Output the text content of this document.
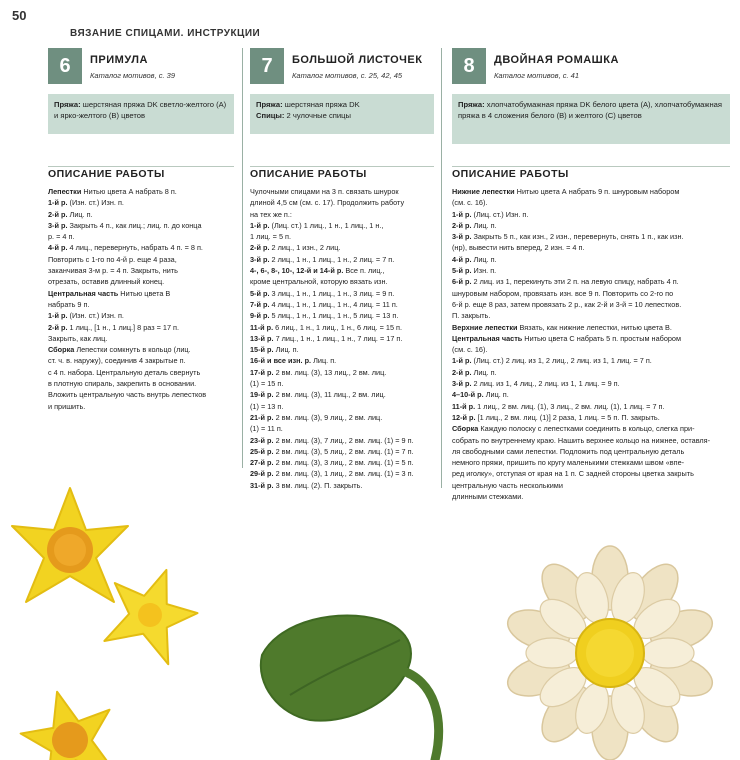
50
ВЯЗАНИЕ СПИЦАМИ. ИНСТРУКЦИИ
6	ПРИМУЛА
Каталог мотивов, с. 39
Пряжа: шерстяная пряжа DK светло-желтого (А) и ярко-желтого (В) цветов
ОПИСАНИЕ РАБОТЫ

Лепестки Нитью цвета А набрать 8 п.

1-й р. (Изн. ст.) Изн. п.

2-й р. Лиц. п.

3-й р. Закрыть 4 п., как лиц.; лиц. п. до конца

р. = 4 п.

4-й р. 4 лиц., перевернуть, набрать 4 п. = 8 п.

Повторить с 1-го по 4-й р. еще 4 раза,

заканчивая 3-м р. = 4 п. Закрыть, нить

отрезать, оставив длинный конец.

Центральная часть Нитью цвета В

набрать 9 п.

1-й р. (Изн. ст.) Изн. п.

2-й р. 1 лиц., [1 н., 1 лиц.] 8 раз = 17 п.

Закрыть, как лиц.

Сборка Лепестки сомкнуть в кольцо (лиц.

ст. ч. в. наружу), соединив 4 закрытые п.

с 4 п. набора. Центральную деталь свернуть

в плотную спираль, закрепить в основании.

Вложить центральную часть внутрь лепестков

и пришить.

7	БОЛЬШОЙ ЛИСТОЧЕК
Каталог мотивов, с. 25, 42, 45
Пряжа: шерстяная пряжа DK
Спицы: 2 чулочные спицы
ОПИСАНИЕ РАБОТЫ

Чулочными спицами на 3 п. связать шнурок

длиной 4,5 см (см. с. 17). Продолжить работу

на тех же п.:

1-й р. (Лиц. ст.) 1 лиц., 1 н., 1 лиц., 1 н.,

1 лиц. = 5 п.

2-й р. 2 лиц., 1 изн., 2 лиц.

3-й р. 2 лиц., 1 н., 1 лиц., 1 н., 2 лиц. = 7 п.

4-, 6-, 8-, 10-, 12-й и 14-й р. Все п. лиц.,

кроме центральной, которую вязать изн.

5-й р. 3 лиц., 1 н., 1 лиц., 1 н., 3 лиц. = 9 п.

7-й р. 4 лиц., 1 н., 1 лиц., 1 н., 4 лиц. = 11 п.

9-й р. 5 лиц., 1 н., 1 лиц., 1 н., 5 лиц. = 13 п.

11-й р. 6 лиц., 1 н., 1 лиц., 1 н., 6 лиц. = 15 п.

13-й р. 7 лиц., 1 н., 1 лиц., 1 н., 7 лиц. = 17 п.

15-й р. Лиц. п.

16-й и все изн. р. Лиц. п.

17-й р. 2 вм. лиц. (3), 13 лиц., 2 вм. лиц.

(1) = 15 п.

19-й р. 2 вм. лиц. (3), 11 лиц., 2 вм. лиц.

(1) = 13 п.

21-й р. 2 вм. лиц. (3), 9 лиц., 2 вм. лиц.

(1) = 11 п.

23-й р. 2 вм. лиц. (3), 7 лиц., 2 вм. лиц. (1) = 9 п.

25-й р. 2 вм. лиц. (3), 5 лиц., 2 вм. лиц. (1) = 7 п.

27-й р. 2 вм. лиц. (3), 3 лиц., 2 вм. лиц. (1) = 5 п.

29-й р. 2 вм. лиц. (3), 1 лиц., 2 вм. лиц. (1) = 3 п.

31-й р. 3 вм. лиц. (2). П. закрыть.

8	ДВОЙНАЯ РОМАШКА
Каталог мотивов, с. 41
Пряжа: хлопчатобумажная пряжа DK белого цвета (А), хлопчатобумажная пряжа в 4 сложения белого (В) и желтого (С) цветов
ОПИСАНИЕ РАБОТЫ

Нижние лепестки Нитью цвета А набрать 9 п. шнуровым набором

(см. с. 16).

1-й р. (Лиц. ст.) Изн. п.

2-й р. Лиц. п.

3-й р. Закрыть 5 п., как изн., 2 изн., перевернуть, снять 1 п., как изн.

(нр), вывести нить вперед, 2 изн. = 4 п.

4-й р. Лиц. п.

5-й р. Изн. п.

6-й р. 2 лиц. из 1, перекинуть эти 2 п. на левую спицу, набрать 4 п.

шнуровым набором, провязать изн. все 9 п. Повторить со 2-го по

6-й р. еще 8 раз, затем провязать 2 р., как 2-й и 3-й = 10 лепестков.

П. закрыть.

Верхние лепестки Вязать, как нижние лепестки, нитью цвета В.

Центральная часть Нитью цвета С набрать 5 п. простым набором

(см. с. 16).

1-й р. (Лиц. ст.) 2 лиц. из 1, 2 лиц., 2 лиц. из 1, 1 лиц. = 7 п.

2-й р. Лиц. п.

3-й р. 2 лиц. из 1, 4 лиц., 2 лиц. из 1, 1 лиц. = 9 п.

4–10-й р. Лиц. п.

11-й р. 1 лиц., 2 вм. лиц. (1), 3 лиц., 2 вм. лиц. (1), 1 лиц. = 7 п.

12-й р. [1 лиц., 2 вм. лиц. (1)] 2 раза, 1 лиц. = 5 п. П. закрыть.

Сборка Каждую полоску с лепестками соединить в кольцо, слегка при-

собрать по внутреннему краю. Нашить верхнее кольцо на нижнее, оставля-

ля свободными сами лепестки. Подложить под центральную деталь

немного пряжи, пришить по кругу маленькими стежками швом «впе-

ред иголку», отступая от края на 1 п. С задней стороны цветка закрыть

центральную часть несколькими

длинными стежками.
